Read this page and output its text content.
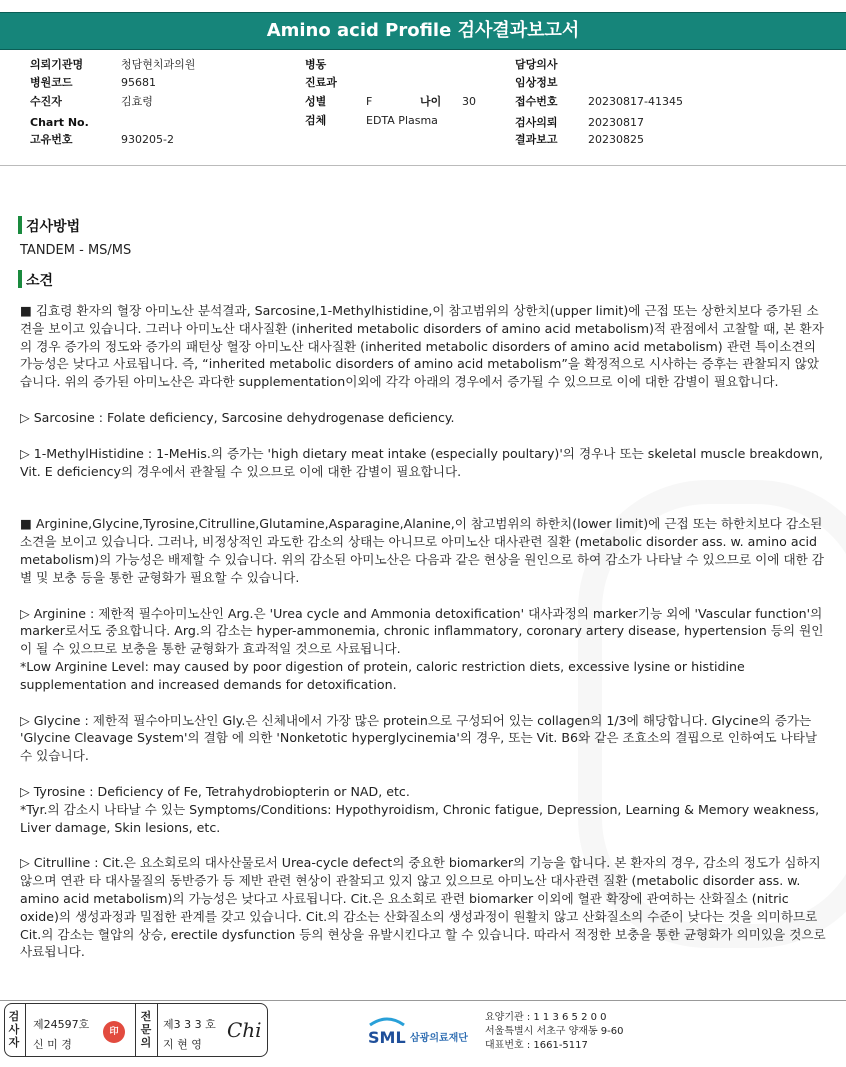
Amino acid Profile 검사결과보고서
의뢰기관명	청담현치과의원
병원코드	95681
수진자	김효령
Chart No.
고유번호	930205-2
병동
진료과
성별	F	나이 30
검체	EDTA Plasma
담당의사
임상정보
접수번호	20230817-41345
검사의뢰	20230817
결과보고	20230825
검사방법
TANDEM - MS/MS
소견

■ 김효령 환자의 혈장 아미노산 분석결과, Sarcosine,1-Methylhistidine,이 참고범위의 상한치(upper limit)에 근접 또는 상한치보다 증가된 소견을 보이고 있습니다. 그러나 아미노산 대사질환 (inherited metabolic disorders of amino acid metabolism)적 관점에서 고찰할 때, 본 환자의 경우 증가의 정도와 증가의 패턴상 혈장 아미노산 대사질환 (inherited metabolic disorders of amino acid metabolism) 관련 특이소견의 가능성은 낮다고 사료됩니다. 즉, “inherited metabolic disorders of amino acid metabolism”을 확정적으로 시사하는 증후는 관찰되지 않았습니다. 위의 증가된 아미노산은 과다한 supplementation이외에 각각 아래의 경우에서 증가될 수 있으므로 이에 대한 감별이 필요합니다.

▷ Sarcosine : Folate deficiency, Sarcosine dehydrogenase deficiency.

▷ 1-MethylHistidine : 1-MeHis.의 증가는 'high dietary meat intake (especially poultary)'의 경우나 또는 skeletal muscle breakdown, Vit. E deficiency의 경우에서 관찰될 수 있으므로 이에 대한 감별이 필요합니다.

■ Arginine,Glycine,Tyrosine,Citrulline,Glutamine,Asparagine,Alanine,이 참고범위의 하한치(lower limit)에 근접 또는 하한치보다 감소된 소견을 보이고 있습니다. 그러나, 비정상적인 과도한 감소의 상태는 아니므로 아미노산 대사관련 질환 (metabolic disorder ass. w. amino acid metabolism)의 가능성은 배제할 수 있습니다. 위의 감소된 아미노산은 다음과 같은 현상을 원인으로 하여 감소가 나타날 수 있으므로 이에 대한 감별 및 보충 등을 통한 균형화가 필요할 수 있습니다.

▷ Arginine : 제한적 필수아미노산인 Arg.은 'Urea cycle and Ammonia detoxification' 대사과정의 marker기능 외에 'Vascular function'의 marker로서도 중요합니다. Arg.의 감소는 hyper-ammonemia, chronic inflammatory, coronary artery disease, hypertension 등의 원인이 될 수 있으므로 보충을 통한 균형화가 효과적일 것으로 사료됩니다.

*Low Arginine Level: may caused by poor digestion of protein, caloric restriction diets, excessive lysine or histidine supplementation and increased demands for detoxification.

▷ Glycine : 제한적 필수아미노산인 Gly.은 신체내에서 가장 많은 protein으로 구성되어 있는 collagen의 1/3에 해당합니다. Glycine의 증가는 'Glycine Cleavage System'의 결함 에 의한 'Nonketotic hyperglycinemia'의 경우, 또는 Vit. B6와 같은 조효소의 결핍으로 인하여도 나타날 수 있습니다.

▷ Tyrosine : Deficiency of Fe, Tetrahydrobiopterin or NAD, etc.

*Tyr.의 감소시 나타날 수 있는 Symptoms/Conditions: Hypothyroidism, Chronic fatigue, Depression, Learning & Memory weakness, Liver damage, Skin lesions, etc.

▷ Citrulline : Cit.은 요소회로의 대사산물로서 Urea-cycle defect의 중요한 biomarker의 기능을 합니다. 본 환자의 경우, 감소의 정도가 심하지 않으며 연관 타 대사물질의 동반증가 등 제반 관련 현상이 관찰되고 있지 않고 있으므로 아미노산 대사관련 질환 (metabolic disorder ass. w. amino acid metabolism)의 가능성은 낮다고 사료됩니다. Cit.은 요소회로 관련 biomarker 이외에 혈관 확장에 관여하는 산화질소 (nitric oxide)의 생성과정과 밀접한 관계를 갖고 있습니다. Cit.의 감소는 산화질소의 생성과정이 원활치 않고 산화질소의 수준이 낮다는 것을 의미하므로 Cit.의 감소는 혈압의 상승, erectile dysfunction 등의 현상을 유발시킨다고 할 수 있습니다. 따라서 적정한 보충을 통한 균형화가 의미있을 것으로 사료됩니다.

검사자
제24597호
신 미 경
印
전문의
제3 3 3 호
지 현 영
Chi	SML 삼광의료재단
요양기관 : 1 1 3 6 5 2 0 0
서울특별시 서초구 양재동 9-60
대표번호 : 1661-5117
